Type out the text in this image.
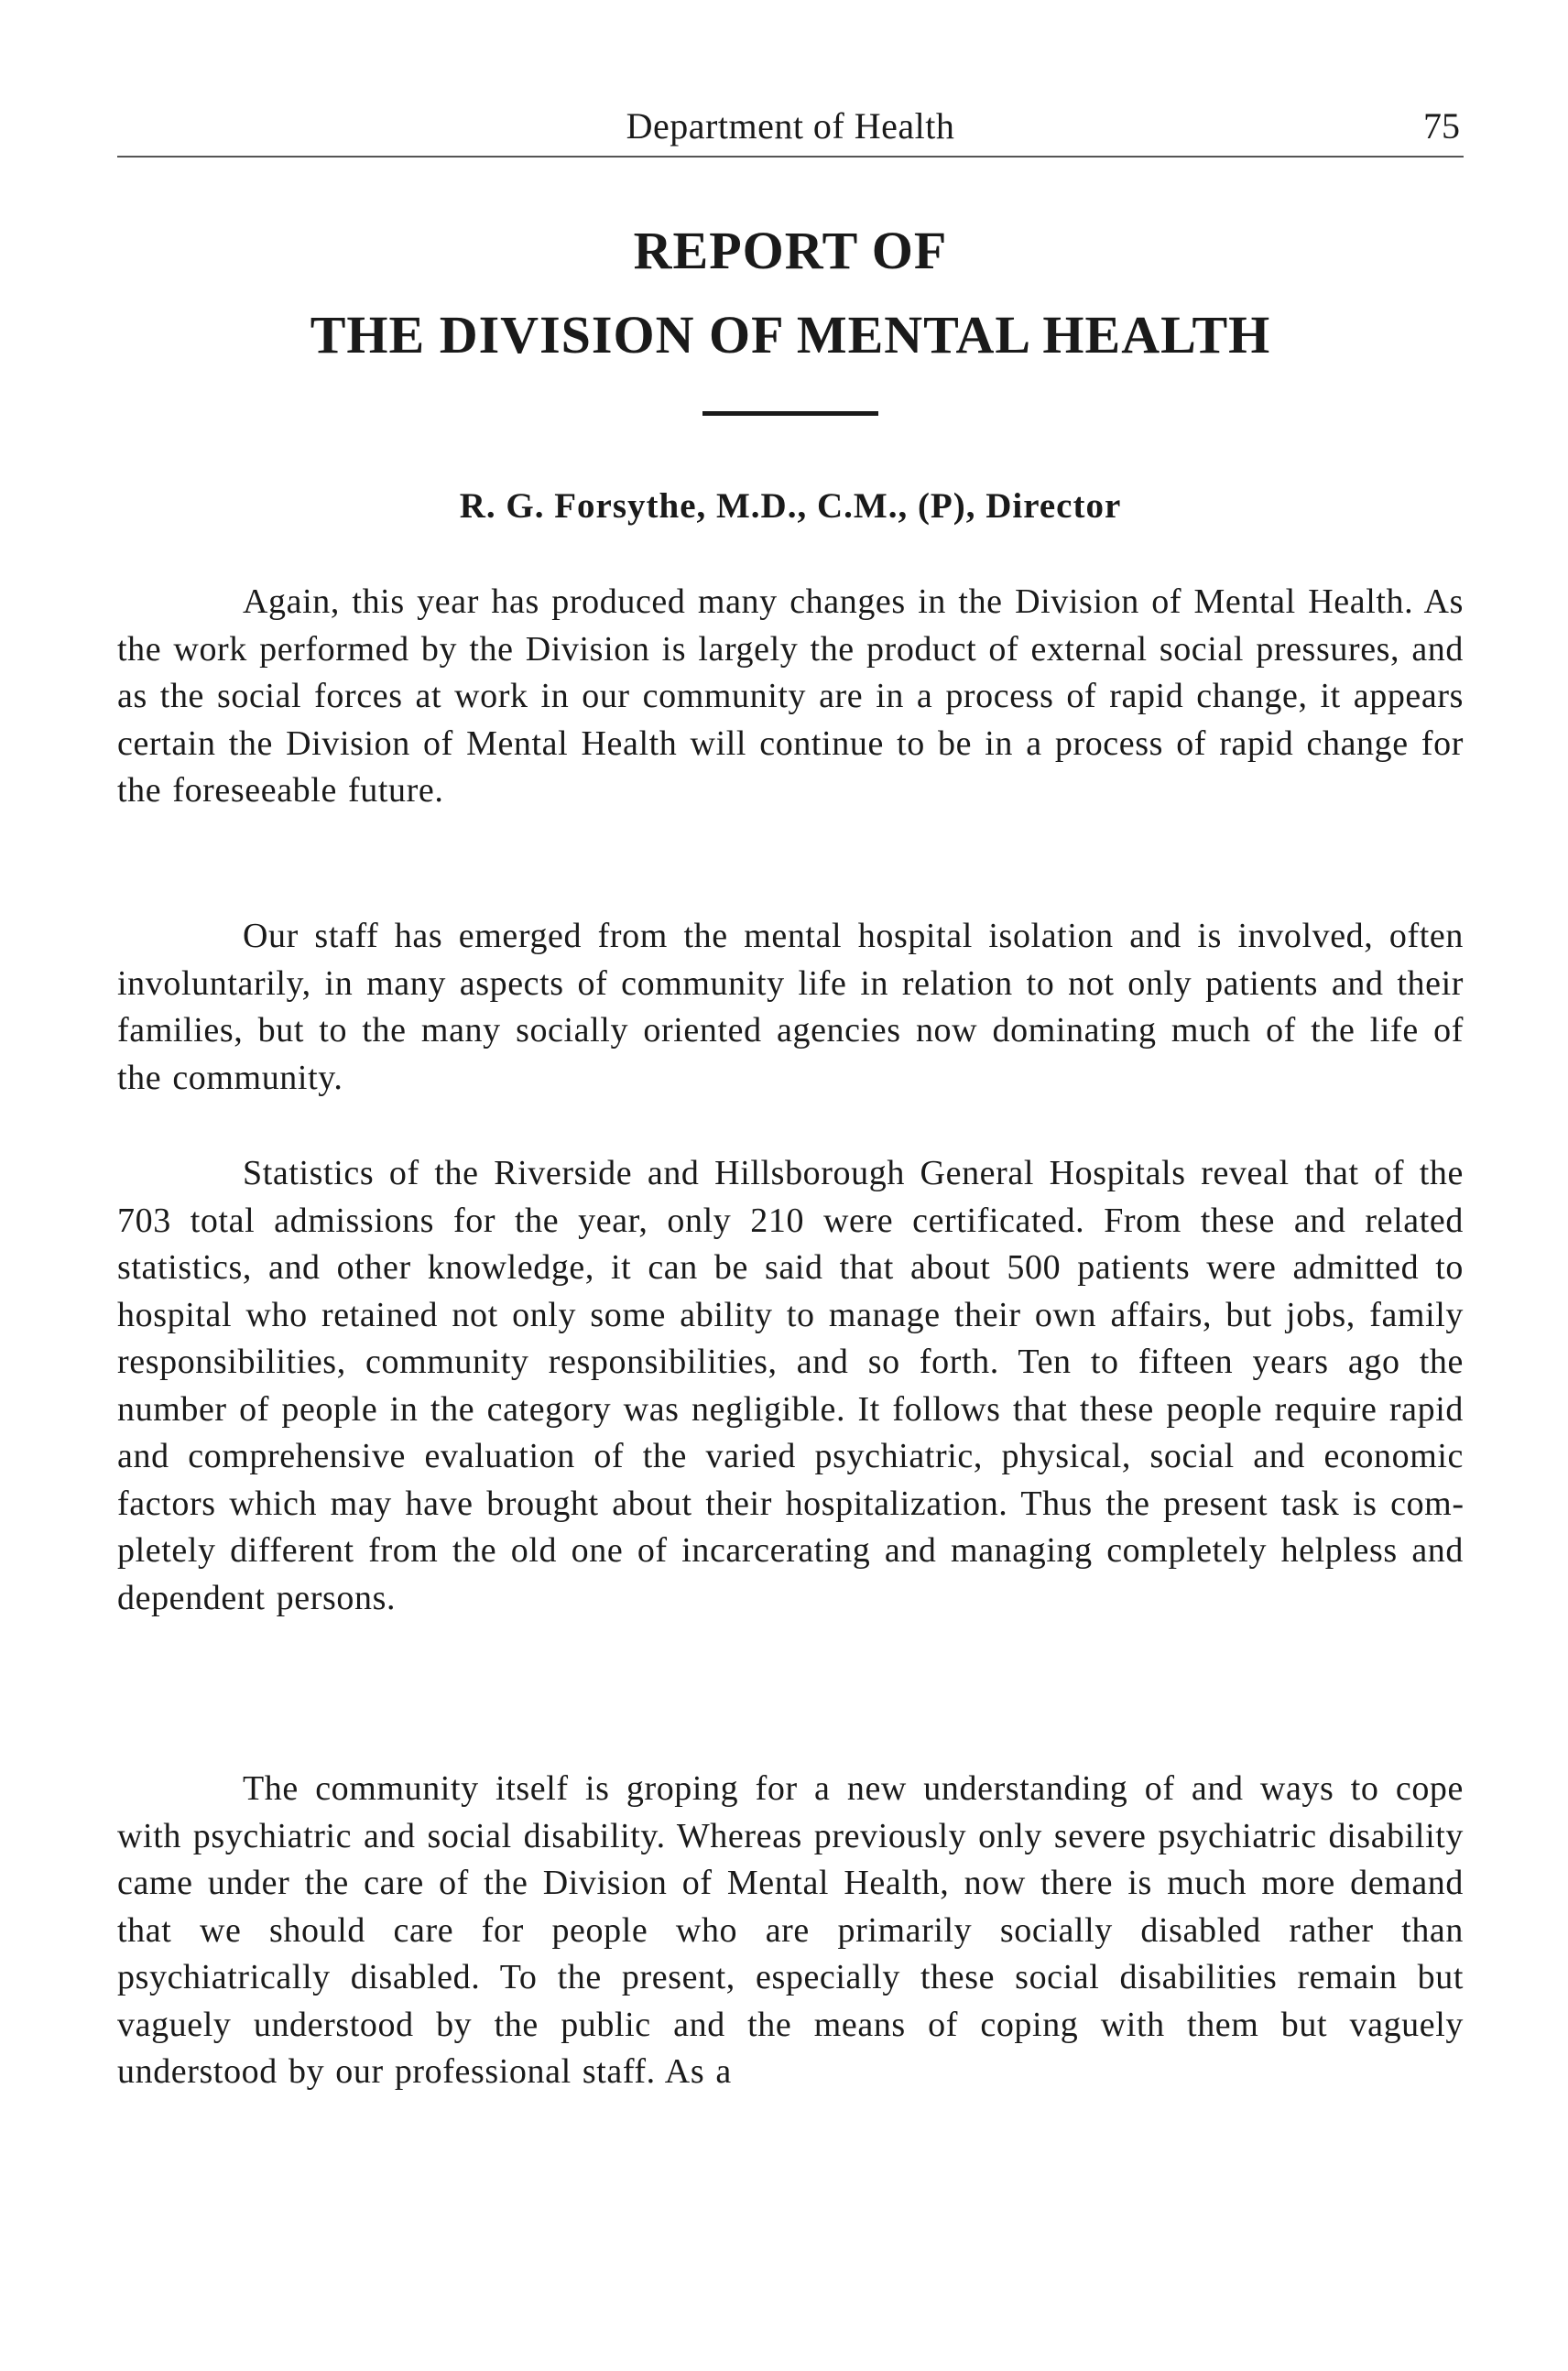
Department of Health	75
REPORT OF
THE DIVISION OF MENTAL HEALTH
R. G. Forsythe, M.D., C.M., (P), Director

Again, this year has produced many changes in the Division of Mental Health. As the work performed by the Division is largely the product of external social pressures, and as the social forces at work in our community are in a process of rapid change, it appears certain the Division of Mental Health will continue to be in a process of rapid change for the foreseeable future.

Our staff has emerged from the mental hospital isolation and is involved, often involuntarily, in many aspects of community life in relation to not only patients and their families, but to the many socially oriented agencies now dominating much of the life of the community.

Statistics of the Riverside and Hillsborough General Hospitals reveal that of the 703 total admissions for the year, only 210 were certificated. From these and related statistics, and other knowledge, it can be said that about 500 patients were admitted to hospital who retained not only some ability to manage their own affairs, but jobs, family responsibilities, community responsibilities, and so forth. Ten to fifteen years ago the number of people in the category was negligible. It follows that these people require rapid and comprehensive evaluation of the varied psychiatric, physical, social and economic factors which may have brought about their hospitalization. Thus the present task is completely different from the old one of incarcerating and managing completely helpless and dependent persons.

The community itself is groping for a new understanding of and ways to cope with psychiatric and social disability. Whereas previously only severe psychiatric disability came under the care of the Division of Mental Health, now there is much more demand that we should care for people who are primarily socially disabled rather than psychiatrically disabled. To the present, especially these social disabilities remain but vaguely understood by the public and the means of coping with them but vaguely understood by our professional staff. As a
